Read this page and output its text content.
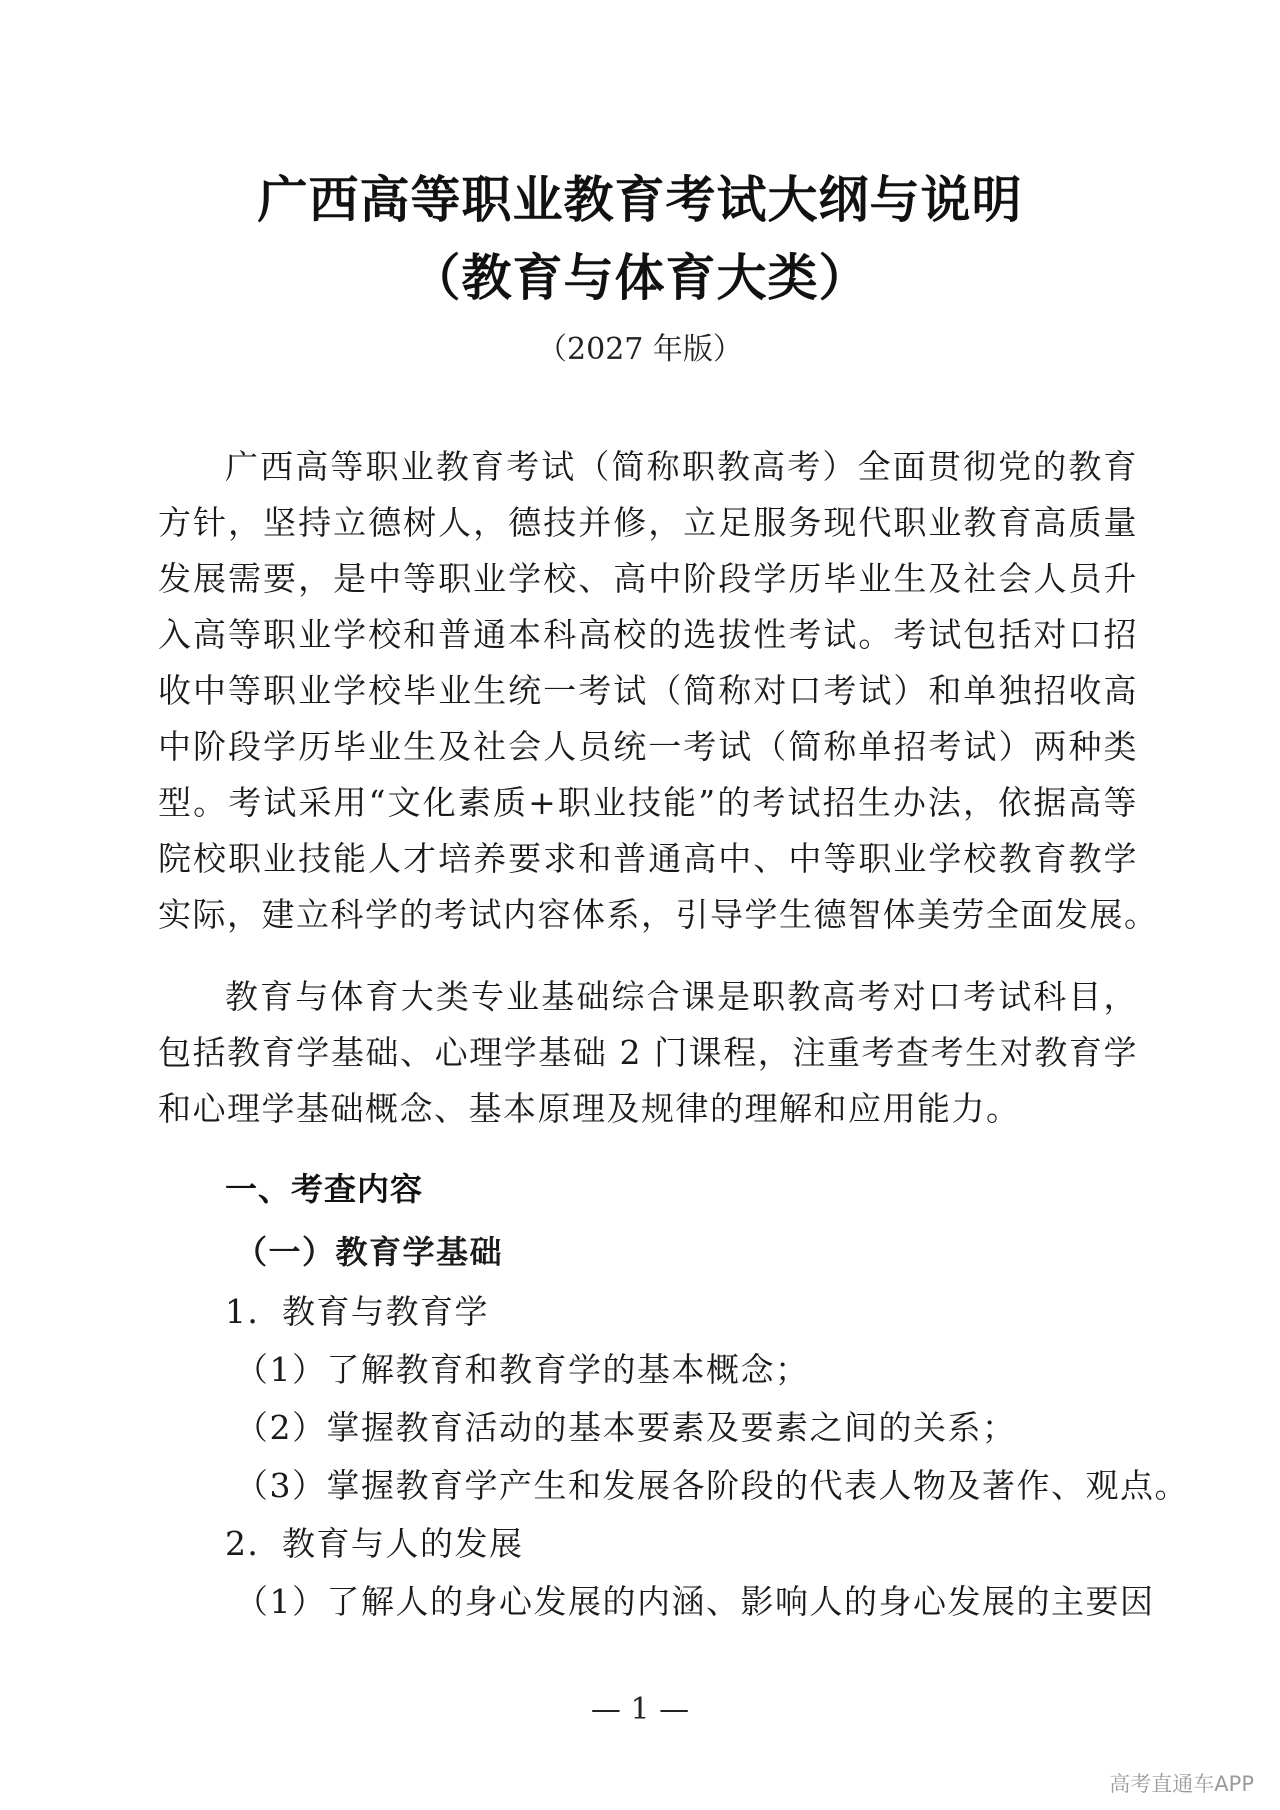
广西高等职业教育考试大纲与说明
（教育与体育大类）
（2027 年版）
广西高等职业教育考试（简称职教高考）全面贯彻党的教育
方针，坚持立德树人，德技并修，立足服务现代职业教育高质量
发展需要，是中等职业学校、高中阶段学历毕业生及社会人员升
入高等职业学校和普通本科高校的选拔性考试。考试包括对口招
收中等职业学校毕业生统一考试（简称对口考试）和单独招收高
中阶段学历毕业生及社会人员统一考试（简称单招考试）两种类
型。考试采用“文化素质+职业技能”的考试招生办法，依据高等
院校职业技能人才培养要求和普通高中、中等职业学校教育教学
实际，建立科学的考试内容体系，引导学生德智体美劳全面发展。
教育与体育大类专业基础综合课是职教高考对口考试科目，
包括教育学基础、心理学基础 2 门课程，注重考查考生对教育学
和心理学基础概念、基本原理及规律的理解和应用能力。
一、考查内容
（一）教育学基础
1．教育与教育学
（1）了解教育和教育学的基本概念；
（2）掌握教育活动的基本要素及要素之间的关系；
（3）掌握教育学产生和发展各阶段的代表人物及著作、观点。
2．教育与人的发展
（1）了解人的身心发展的内涵、影响人的身心发展的主要因
— 1 —
高考直通车APP
